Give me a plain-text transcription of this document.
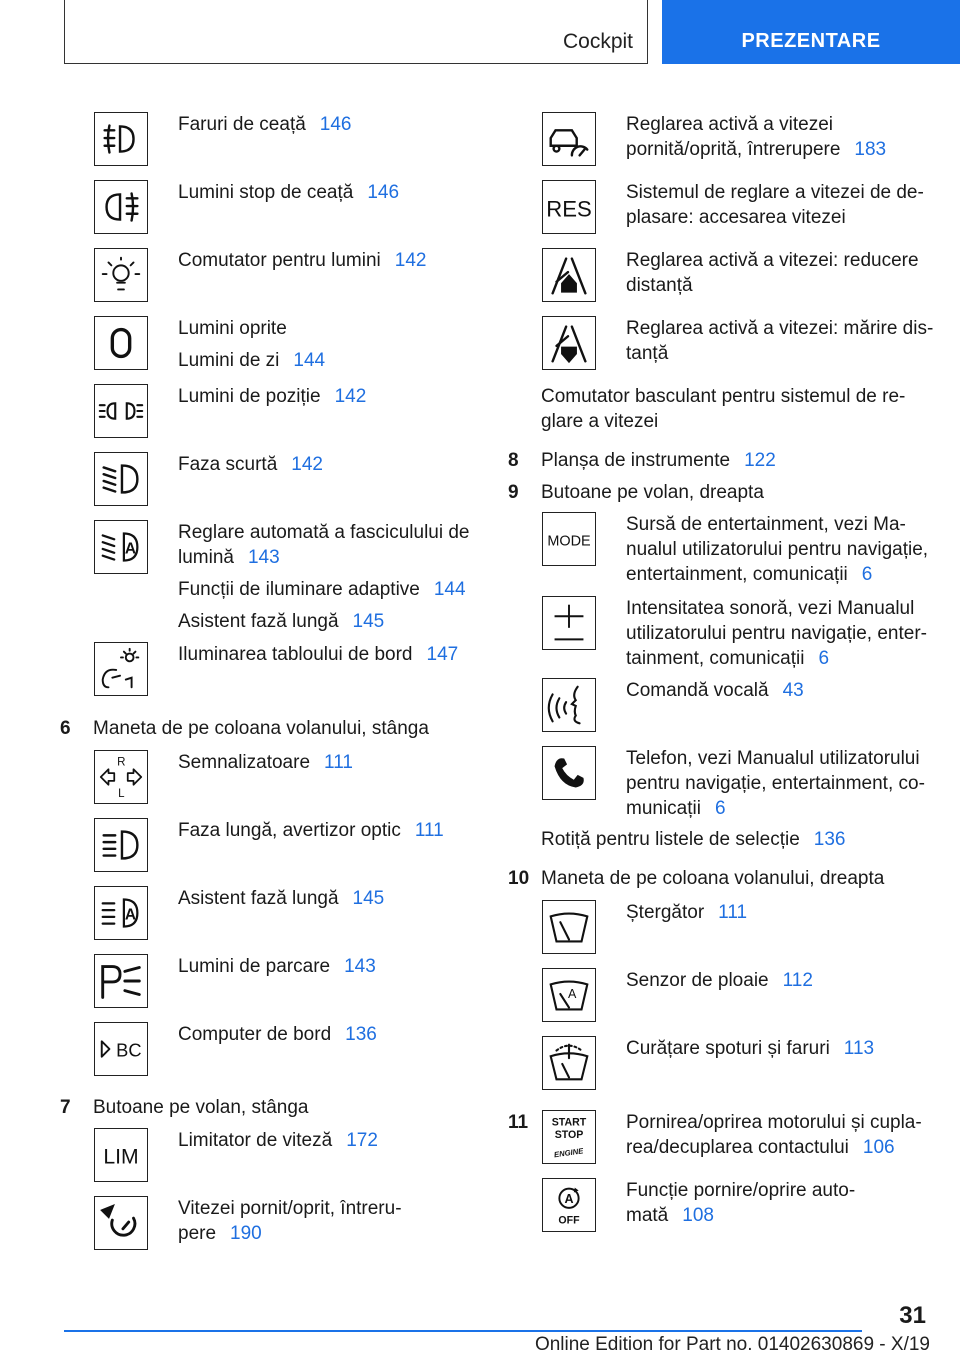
Cockpit	PREZENTARE
Faruri de ceață 146
Lumini stop de ceață 146
Comutator pentru lumini 142
Lumini oprite
Lumini de zi 144
Lumini de poziție 142
Faza scurtă 142
A
Reglare automată a fasciculului de lumină 143
Funcții de iluminare adaptive 144
Asistent fază lungă 145
Iluminarea tabloului de bord 147
6	Maneta de pe coloana volanului, stânga
R
L
Semnalizatoare 111
Faza lungă, avertizor optic 111
A
Asistent fază lungă 145
Lumini de parcare 143
BC
Computer de bord 136
7	Butoane pe volan, stânga
LIM
Limitator de viteză 172
Vitezei pornit/oprit, întreru-pere 190
Reglarea activă a vitezei pornită/oprită, întrerupere 183
RES
Sistemul de reglare a vitezei de de-plasare: accesarea vitezei
Reglarea activă a vitezei: reducere distanță
Reglarea activă a vitezei: mărire dis-tanță
Comutator basculant pentru sistemul de re-glare a vitezei
8	Planșa de instrumente 122
9	Butoane pe volan, dreapta
MODE
Sursă de entertainment, vezi Ma-nualul utilizatorului pentru navigație, entertainment, comunicații 6
Intensitatea sonoră, vezi Manualul utilizatorului pentru navigație, enter-tainment, comunicații 6
Comandă vocală 43
Telefon, vezi Manualul utilizatorului pentru navigație, entertainment, co-municații 6
Rotiță pentru listele de selecție 136
10 Maneta de pe coloana volanului, dreapta
Ștergător 111
A
Senzor de ploaie 112
Curățare spoturi și faruri 113
11	START
STOP
ENGINE
Pornirea/oprirea motorului și cupla-rea/decuplarea contactului 106
A
OFF
Funcție pornire/oprire auto-mată 108
31
Online Edition for Part no. 01402630869 - X/19
